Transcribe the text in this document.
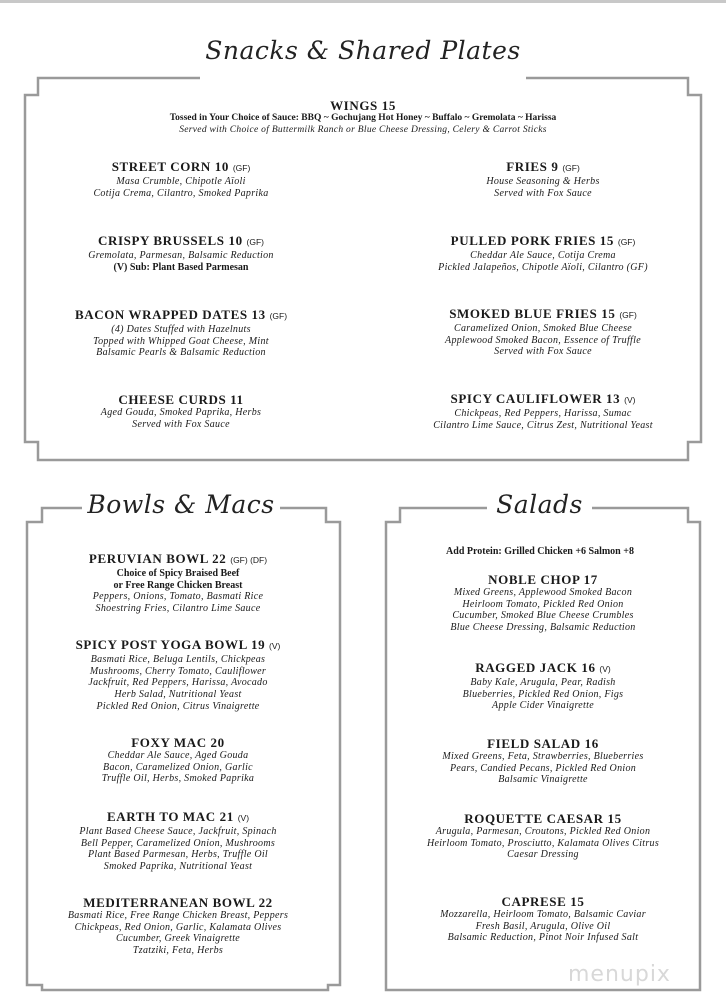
Snacks & Shared Plates
Bowls & Macs	Salads
WINGS 15
Tossed in Your Choice of Sauce: BBQ ~ Gochujang Hot Honey ~ Buffalo ~ Gremolata ~ Harissa
Served with Choice of Buttermilk Ranch or Blue Cheese Dressing, Celery & Carrot Sticks
Add Protein: Grilled Chicken +6 Salmon +8
STREET CORN 10 (GF)
Masa Crumble, Chipotle Aïoli
Cotija Crema, Cilantro, Smoked Paprika
FRIES 9 (GF)
House Seasoning & Herbs
Served with Fox Sauce
CRISPY BRUSSELS 10 (GF)
Gremolata, Parmesan, Balsamic Reduction
(V) Sub: Plant Based Parmesan
PULLED PORK FRIES 15 (GF)
Cheddar Ale Sauce, Cotija Crema
Pickled Jalapeños, Chipotle Aïoli, Cilantro (GF)
BACON WRAPPED DATES 13 (GF)
(4) Dates Stuffed with Hazelnuts
Topped with Whipped Goat Cheese, Mint
Balsamic Pearls & Balsamic Reduction
SMOKED BLUE FRIES 15 (GF)
Caramelized Onion, Smoked Blue Cheese
Applewood Smoked Bacon, Essence of Truffle
Served with Fox Sauce
CHEESE CURDS 11
Aged Gouda, Smoked Paprika, Herbs
Served with Fox Sauce
SPICY CAULIFLOWER 13 (V)
Chickpeas, Red Peppers, Harissa, Sumac
Cilantro Lime Sauce, Citrus Zest, Nutritional Yeast
PERUVIAN BOWL 22 (GF) (DF)
Choice of Spicy Braised Beef
or Free Range Chicken Breast
Peppers, Onions, Tomato, Basmati Rice
Shoestring Fries, Cilantro Lime Sauce
SPICY POST YOGA BOWL 19 (V)
Basmati Rice, Beluga Lentils, Chickpeas
Mushrooms, Cherry Tomato, Cauliflower
Jackfruit, Red Peppers, Harissa, Avocado
Herb Salad, Nutritional Yeast
Pickled Red Onion, Citrus Vinaigrette
FOXY MAC 20
Cheddar Ale Sauce, Aged Gouda
Bacon, Caramelized Onion, Garlic
Truffle Oil, Herbs, Smoked Paprika
EARTH TO MAC 21 (V)
Plant Based Cheese Sauce, Jackfruit, Spinach
Bell Pepper, Caramelized Onion, Mushrooms
Plant Based Parmesan, Herbs, Truffle Oil
Smoked Paprika, Nutritional Yeast
MEDITERRANEAN BOWL 22
Basmati Rice, Free Range Chicken Breast, Peppers
Chickpeas, Red Onion, Garlic, Kalamata Olives
Cucumber, Greek Vinaigrette
Tzatziki, Feta, Herbs
NOBLE CHOP 17
Mixed Greens, Applewood Smoked Bacon
Heirloom Tomato, Pickled Red Onion
Cucumber, Smoked Blue Cheese Crumbles
Blue Cheese Dressing, Balsamic Reduction
RAGGED JACK 16 (V)
Baby Kale, Arugula, Pear, Radish
Blueberries, Pickled Red Onion, Figs
Apple Cider Vinaigrette
FIELD SALAD 16
Mixed Greens, Feta, Strawberries, Blueberries
Pears, Candied Pecans, Pickled Red Onion
Balsamic Vinaigrette
ROQUETTE CAESAR 15
Arugula, Parmesan, Croutons, Pickled Red Onion
Heirloom Tomato, Prosciutto, Kalamata Olives Citrus
Caesar Dressing
CAPRESE 15
Mozzarella, Heirloom Tomato, Balsamic Caviar
Fresh Basil, Arugula, Olive Oil
Balsamic Reduction, Pinot Noir Infused Salt
menupix
